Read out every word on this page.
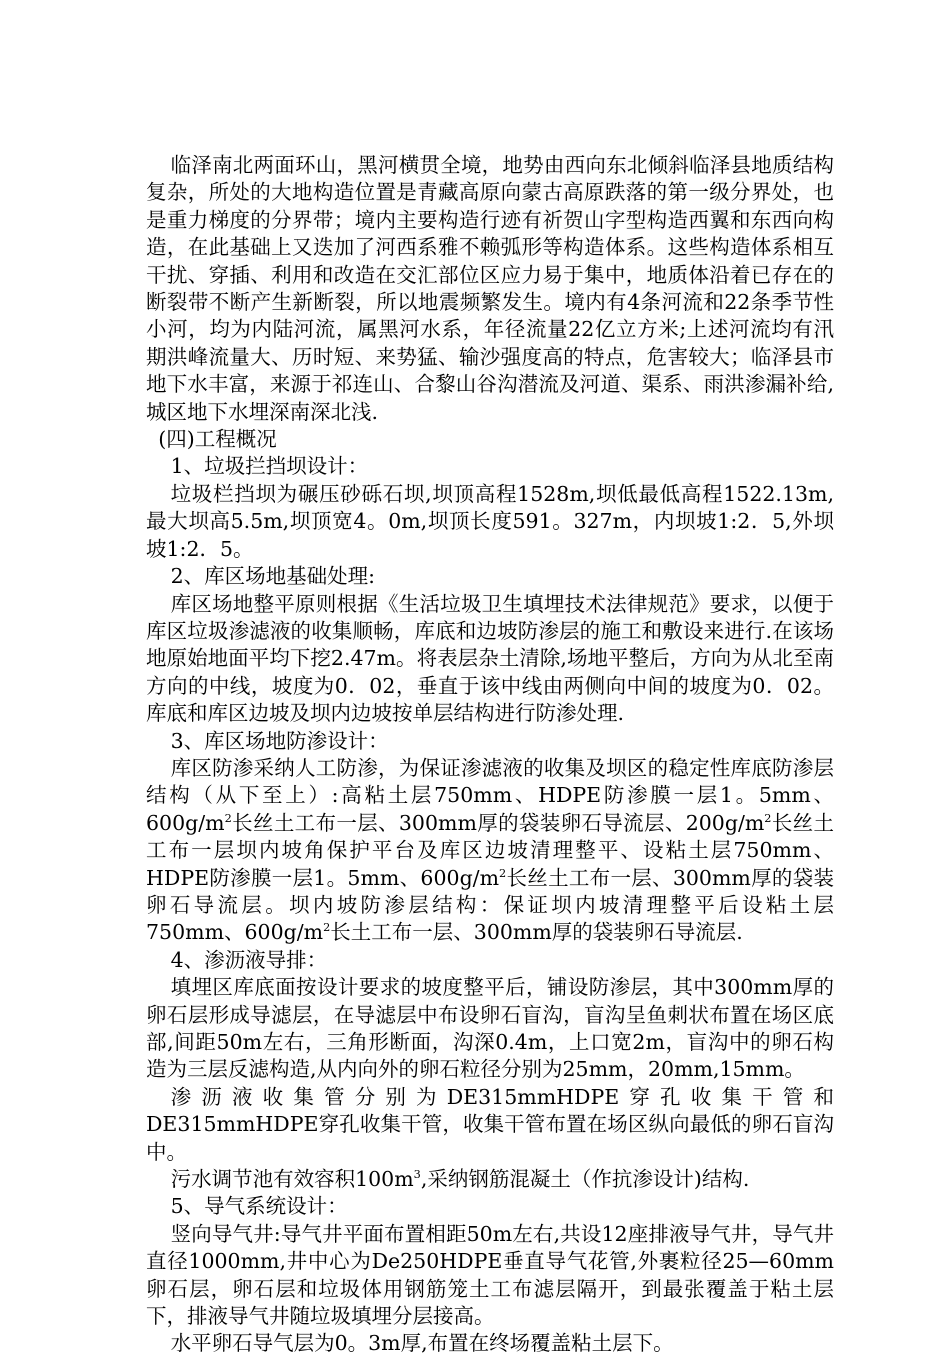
临泽南北两面环山，黑河横贯全境，地势由西向东北倾斜临泽县地质结构复杂，所处的大地构造位置是青藏高原向蒙古高原跌落的第一级分界处，也是重力梯度的分界带；境内主要构造行迹有祈贺山字型构造西翼和东西向构造，在此基础上又迭加了河西系雅不赖弧形等构造体系。这些构造体系相互干扰、穿插、利用和改造在交汇部位区应力易于集中，地质体沿着已存在的断裂带不断产生新断裂，所以地震频繁发生。境内有4条河流和22条季节性小河，均为内陆河流，属黑河水系，年径流量22亿立方米;上述河流均有汛期洪峰流量大、历时短、来势猛、输沙强度高的特点，危害较大；临泽县市地下水丰富，来源于祁连山、合黎山谷沟潜流及河道、渠系、雨洪渗漏补给,城区地下水埋深南深北浅.

(四)工程概况

1、垃圾拦挡坝设计：

垃圾栏挡坝为碾压砂砾石坝,坝顶高程1528m,坝低最低高程1522.13m,最大坝高5.5m,坝顶宽4。0m,坝顶长度591。327m，内坝坡1:2．5,外坝坡1:2．5。

2、库区场地基础处理:

库区场地整平原则根据《生活垃圾卫生填埋技术法律规范》要求，以便于库区垃圾渗滤液的收集顺畅，库底和边坡防渗层的施工和敷设来进行.在该场地原始地面平均下挖2.47m。将表层杂土清除,场地平整后，方向为从北至南方向的中线，坡度为0．02，垂直于该中线由两侧向中间的坡度为0．02。库底和库区边坡及坝内边坡按单层结构进行防渗处理.

3、库区场地防渗设计：

库区防渗采纳人工防渗，为保证渗滤液的收集及坝区的稳定性库底防渗层结构（从下至上）:高粘土层750mm、HDPE防渗膜一层1。5mm、$600g/m^2$长丝土工布一层、300mm厚的袋装卵石导流层、$200g/m^2$长丝土工布一层坝内坡角保护平台及库区边坡清理整平、设粘土层750mm、HDPE防渗膜一层1。5mm、$600g/m^2$长丝土工布一层、300mm厚的袋装卵石导流层。坝内坡防渗层结构：保证坝内坡清理整平后设粘土层750mm、$600g/m^2$长土工布一层、300mm厚的袋装卵石导流层.

4、渗沥液导排：

填埋区库底面按设计要求的坡度整平后，铺设防渗层，其中300mm厚的卵石层形成导滤层，在导滤层中布设卵石盲沟，盲沟呈鱼刺状布置在场区底部,间距50m左右，三角形断面，沟深0.4m，上口宽2m，盲沟中的卵石构造为三层反滤构造,从内向外的卵石粒径分别为25mm，20mm,15mm。

渗沥液收集管分别为DE315mmHDPE穿孔收集干管和DE315mmHDPE穿孔收集干管，收集干管布置在场区纵向最低的卵石盲沟中。

污水调节池有效容积$100m^3$,采纳钢筋混凝土（作抗渗设计)结构.

5、导气系统设计：

竖向导气井:导气井平面布置相距50m左右,共设12座排液导气井，导气井直径1000mm,井中心为De250HDPE垂直导气花管,外裹粒径25—60mm卵石层，卵石层和垃圾体用钢筋笼土工布滤层隔开，到最张覆盖于粘土层下，排液导气井随垃圾填埋分层接高。

水平卵石导气层为0。3m厚,布置在终场覆盖粘土层下。
